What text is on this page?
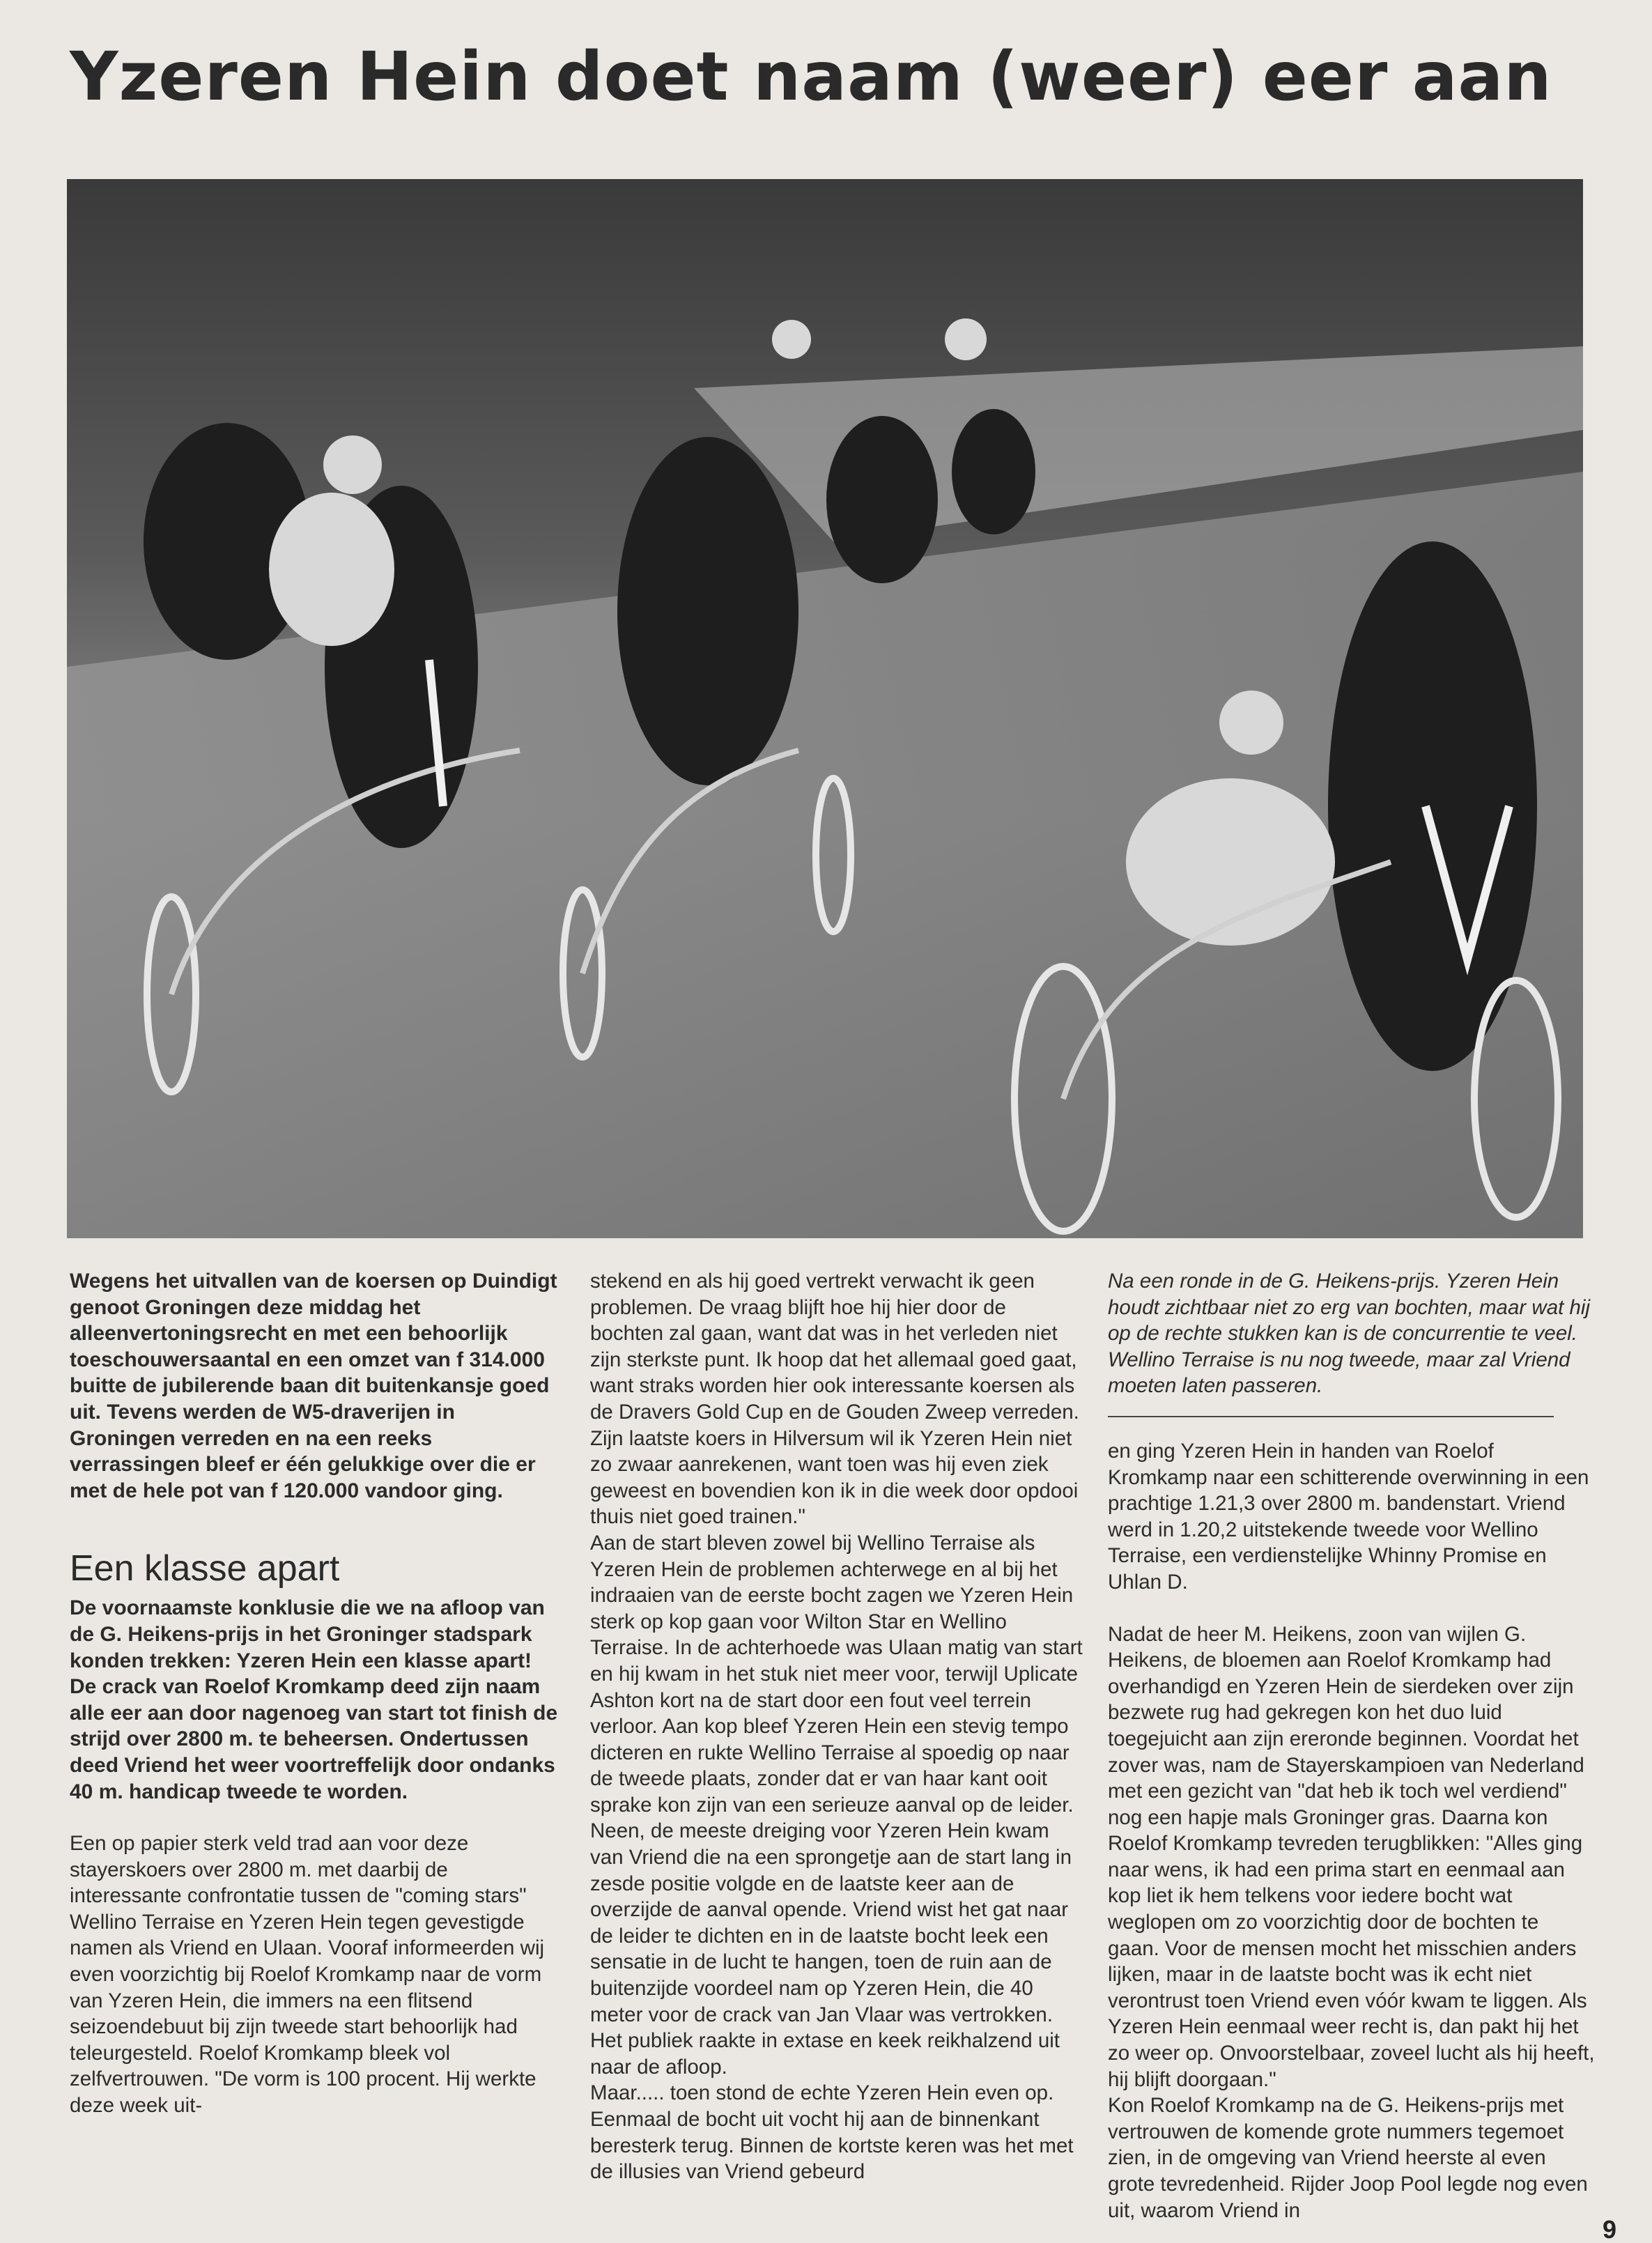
Yzeren Hein doet naam (weer) eer aan

Wegens het uitvallen van de koersen op Duindigt genoot Groningen deze middag het alleenvertoningsrecht en met een behoorlijk toeschouwersaantal en een omzet van f 314.000 buitte de jubilerende baan dit buitenkansje goed uit. Tevens werden de W5-draverijen in Groningen verreden en na een reeks verrassingen bleef er één gelukkige over die er met de hele pot van f 120.000 vandoor ging.

Een klasse apart

De voornaamste konklusie die we na afloop van de G. Heikens-prijs in het Groninger stadspark konden trekken: Yzeren Hein een klasse apart! De crack van Roelof Kromkamp deed zijn naam alle eer aan door nagenoeg van start tot finish de strijd over 2800 m. te beheersen. Ondertussen deed Vriend het weer voortreffelijk door ondanks 40 m. handicap tweede te worden.

Een op papier sterk veld trad aan voor deze stayerskoers over 2800 m. met daarbij de interessante confrontatie tussen de "coming stars" Wellino Terraise en Yzeren Hein tegen gevestigde namen als Vriend en Ulaan. Vooraf informeerden wij even voorzichtig bij Roelof Kromkamp naar de vorm van Yzeren Hein, die immers na een flitsend seizoendebuut bij zijn tweede start behoorlijk had teleurgesteld. Roelof Kromkamp bleek vol zelfvertrouwen. "De vorm is 100 procent. Hij werkte deze week uit-

stekend en als hij goed vertrekt verwacht ik geen problemen. De vraag blijft hoe hij hier door de bochten zal gaan, want dat was in het verleden niet zijn sterkste punt. Ik hoop dat het allemaal goed gaat, want straks worden hier ook interessante koersen als de Dravers Gold Cup en de Gouden Zweep verreden. Zijn laatste koers in Hilversum wil ik Yzeren Hein niet zo zwaar aanrekenen, want toen was hij even ziek geweest en bovendien kon ik in die week door opdooi thuis niet goed trainen."

Aan de start bleven zowel bij Wellino Terraise als Yzeren Hein de problemen achterwege en al bij het indraaien van de eerste bocht zagen we Yzeren Hein sterk op kop gaan voor Wilton Star en Wellino Terraise. In de achterhoede was Ulaan matig van start en hij kwam in het stuk niet meer voor, terwijl Uplicate Ashton kort na de start door een fout veel terrein verloor. Aan kop bleef Yzeren Hein een stevig tempo dicteren en rukte Wellino Terraise al spoedig op naar de tweede plaats, zonder dat er van haar kant ooit sprake kon zijn van een serieuze aanval op de leider. Neen, de meeste dreiging voor Yzeren Hein kwam van Vriend die na een sprongetje aan de start lang in zesde positie volgde en de laatste keer aan de overzijde de aanval opende. Vriend wist het gat naar de leider te dichten en in de laatste bocht leek een sensatie in de lucht te hangen, toen de ruin aan de buitenzijde voordeel nam op Yzeren Hein, die 40 meter voor de crack van Jan Vlaar was vertrokken. Het publiek raakte in extase en keek reikhalzend uit naar de afloop.

Maar..... toen stond de echte Yzeren Hein even op. Eenmaal de bocht uit vocht hij aan de binnenkant beresterk terug. Binnen de kortste keren was het met de illusies van Vriend gebeurd

Na een ronde in de G. Heikens-prijs. Yzeren Hein houdt zichtbaar niet zo erg van bochten, maar wat hij op de rechte stukken kan is de concurrentie te veel. Wellino Terraise is nu nog tweede, maar zal Vriend moeten laten passeren.

en ging Yzeren Hein in handen van Roelof Kromkamp naar een schitterende overwinning in een prachtige 1.21,3 over 2800 m. bandenstart. Vriend werd in 1.20,2 uitstekende tweede voor Wellino Terraise, een verdienstelijke Whinny Promise en Uhlan D.

Nadat de heer M. Heikens, zoon van wijlen G. Heikens, de bloemen aan Roelof Kromkamp had overhandigd en Yzeren Hein de sierdeken over zijn bezwete rug had gekregen kon het duo luid toegejuicht aan zijn ereronde beginnen. Voordat het zover was, nam de Stayerskampioen van Nederland met een gezicht van "dat heb ik toch wel verdiend" nog een hapje mals Groninger gras. Daarna kon Roelof Kromkamp tevreden terugblikken: "Alles ging naar wens, ik had een prima start en eenmaal aan kop liet ik hem telkens voor iedere bocht wat weglopen om zo voorzichtig door de bochten te gaan. Voor de mensen mocht het misschien anders lijken, maar in de laatste bocht was ik echt niet verontrust toen Vriend even vóór kwam te liggen. Als Yzeren Hein eenmaal weer recht is, dan pakt hij het zo weer op. Onvoorstelbaar, zoveel lucht als hij heeft, hij blijft doorgaan."

Kon Roelof Kromkamp na de G. Heikens-prijs met vertrouwen de komende grote nummers tegemoet zien, in de omgeving van Vriend heerste al even grote tevredenheid. Rijder Joop Pool legde nog even uit, waarom Vriend in

9
